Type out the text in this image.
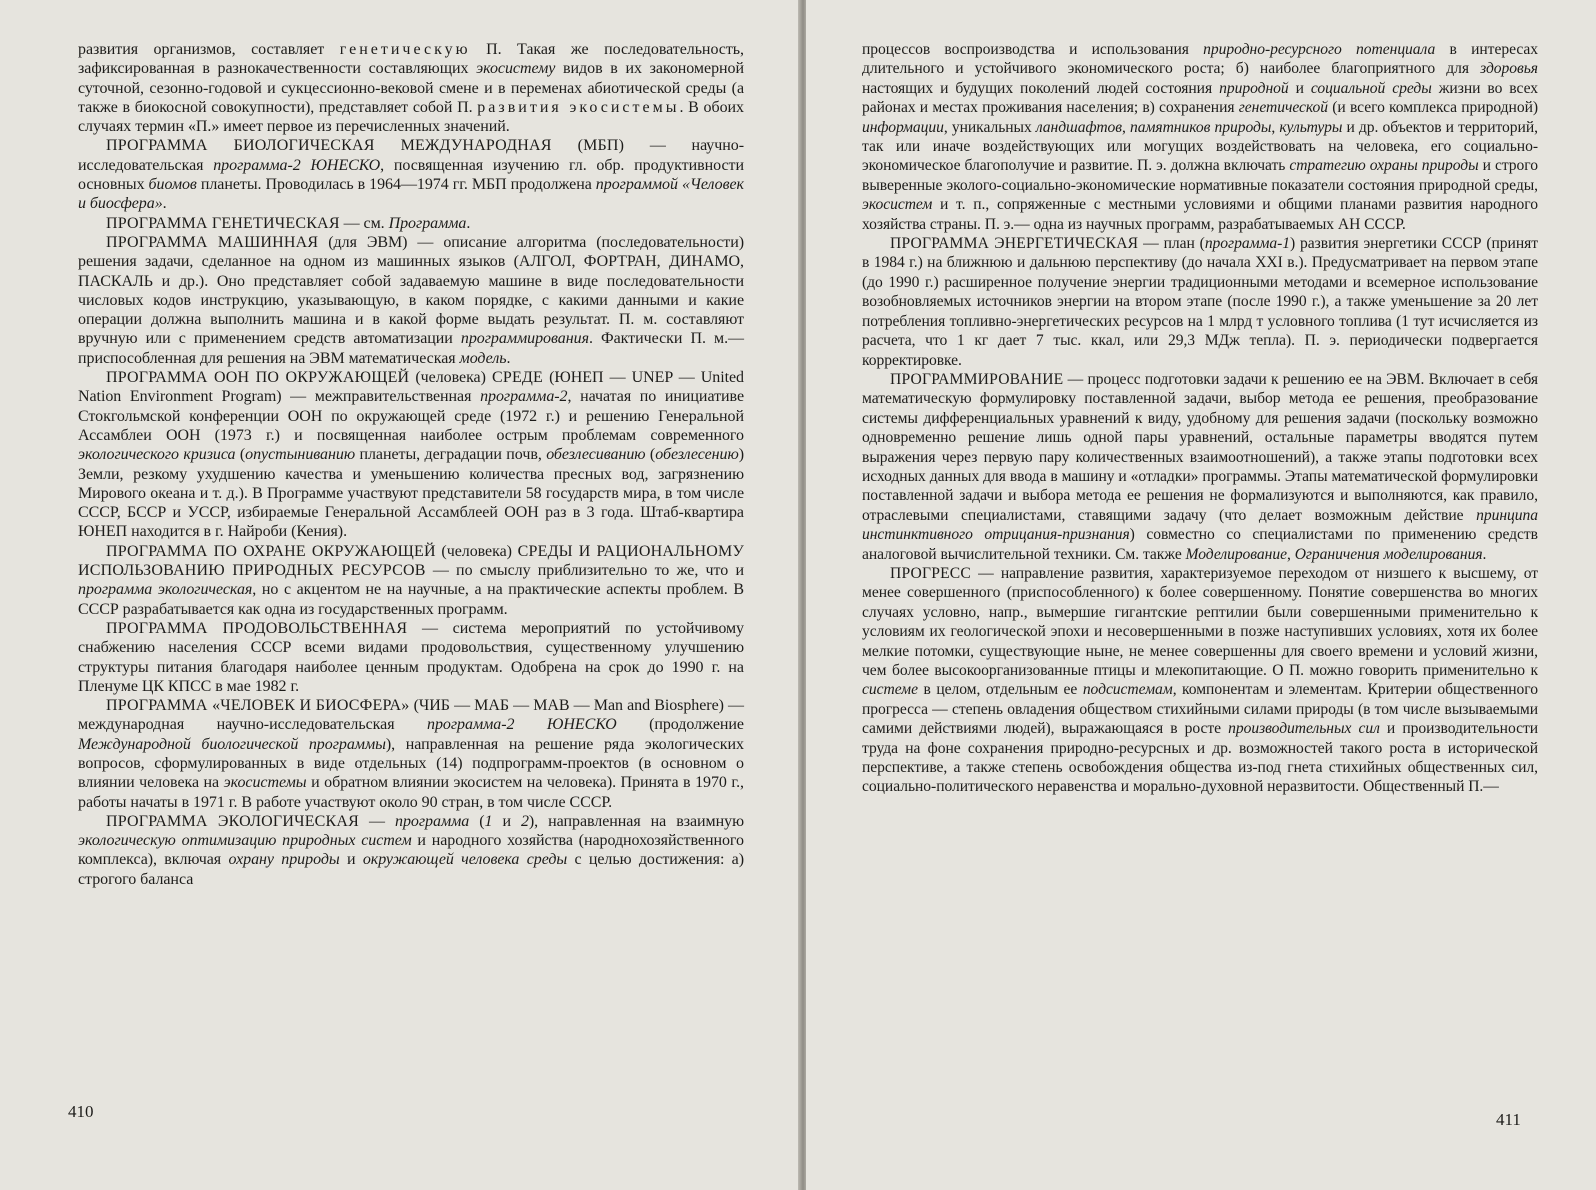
развития организмов, составляет генетическую П. Такая же последовательность, зафиксированная в разнокачественности составляющих экосистему видов в их закономерной суточной, сезонно-годовой и сукцессионно-вековой смене и в переменах абиотической среды (а также в биокосной совокупности), представляет собой П. развития экосистемы. В обоих случаях термин «П.» имеет первое из перечисленных значений.

ПРОГРАММА БИОЛОГИЧЕСКАЯ МЕЖДУНАРОДНАЯ (МБП) — научно-исследовательская программа-2 ЮНЕСКО, посвященная изучению гл. обр. продуктивности основных биомов планеты. Проводилась в 1964—1974 гг. МБП продолжена программой «Человек и биосфера».

ПРОГРАММА ГЕНЕТИЧЕСКАЯ — см. Программа.

ПРОГРАММА МАШИННАЯ (для ЭВМ) — описание алгоритма (последовательности) решения задачи, сделанное на одном из машинных языков (АЛГОЛ, ФОРТРАН, ДИНАМО, ПАСКАЛЬ и др.). Оно представляет собой задаваемую машине в виде последовательности числовых кодов инструкцию, указывающую, в каком порядке, с какими данными и какие операции должна выполнить машина и в какой форме выдать результат. П. м. составляют вручную или с применением средств автоматизации программирования. Фактически П. м.— приспособленная для решения на ЭВМ математическая модель.

ПРОГРАММА ООН ПО ОКРУЖАЮЩЕЙ (человека) СРЕДЕ (ЮНЕП — UNEP — United Nation Environment Program) — межправительственная программа-2, начатая по инициативе Стокгольмской конференции ООН по окружающей среде (1972 г.) и решению Генеральной Ассамблеи ООН (1973 г.) и посвященная наиболее острым проблемам современного экологического кризиса (опустыниванию планеты, деградации почв, обезлесиванию (обезлесению) Земли, резкому ухудшению качества и уменьшению количества пресных вод, загрязнению Мирового океана и т. д.). В Программе участвуют представители 58 государств мира, в том числе СССР, БССР и УССР, избираемые Генеральной Ассамблеей ООН раз в 3 года. Штаб-квартира ЮНЕП находится в г. Найроби (Кения).

ПРОГРАММА ПО ОХРАНЕ ОКРУЖАЮЩЕЙ (человека) СРЕДЫ И РАЦИОНАЛЬНОМУ ИСПОЛЬЗОВАНИЮ ПРИРОДНЫХ РЕСУРСОВ — по смыслу приблизительно то же, что и программа экологическая, но с акцентом не на научные, а на практические аспекты проблем. В СССР разрабатывается как одна из государственных программ.

ПРОГРАММА ПРОДОВОЛЬСТВЕННАЯ — система мероприятий по устойчивому снабжению населения СССР всеми видами продовольствия, существенному улучшению структуры питания благодаря наиболее ценным продуктам. Одобрена на срок до 1990 г. на Пленуме ЦК КПСС в мае 1982 г.

ПРОГРАММА «ЧЕЛОВЕК И БИОСФЕРА» (ЧИБ — МАБ — MAB — Man and Biosphere) — международная научно-исследовательская программа-2 ЮНЕСКО (продолжение Международной биологической программы), направленная на решение ряда экологических вопросов, сформулированных в виде отдельных (14) подпрограмм-проектов (в основном о влиянии человека на экосистемы и обратном влиянии экосистем на человека). Принята в 1970 г., работы начаты в 1971 г. В работе участвуют около 90 стран, в том числе СССР.

ПРОГРАММА ЭКОЛОГИЧЕСКАЯ — программа (1 и 2), направленная на взаимную экологическую оптимизацию природных систем и народного хозяйства (народнохозяйственного комплекса), включая охрану природы и окружающей человека среды с целью достижения: а) строгого баланса

410

процессов воспроизводства и использования природно-ресурсного потенциала в интересах длительного и устойчивого экономического роста; б) наиболее благоприятного для здоровья настоящих и будущих поколений людей состояния природной и социальной среды жизни во всех районах и местах проживания населения; в) сохранения генетической (и всего комплекса природной) информации, уникальных ландшафтов, памятников природы, культуры и др. объектов и территорий, так или иначе воздействующих или могущих воздействовать на человека, его социально-экономическое благополучие и развитие. П. э. должна включать стратегию охраны природы и строго выверенные эколого-социально-экономические нормативные показатели состояния природной среды, экосистем и т. п., сопряженные с местными условиями и общими планами развития народного хозяйства страны. П. э.— одна из научных программ, разрабатываемых АН СССР.

ПРОГРАММА ЭНЕРГЕТИЧЕСКАЯ — план (программа-1) развития энергетики СССР (принят в 1984 г.) на ближнюю и дальнюю перспективу (до начала XXI в.). Предусматривает на первом этапе (до 1990 г.) расширенное получение энергии традиционными методами и всемерное использование возобновляемых источников энергии на втором этапе (после 1990 г.), а также уменьшение за 20 лет потребления топливно-энергетических ресурсов на 1 млрд т условного топлива (1 тут исчисляется из расчета, что 1 кг дает 7 тыс. ккал, или 29,3 МДж тепла). П. э. периодически подвергается корректировке.

ПРОГРАММИРОВАНИЕ — процесс подготовки задачи к решению ее на ЭВМ. Включает в себя математическую формулировку поставленной задачи, выбор метода ее решения, преобразование системы дифференциальных уравнений к виду, удобному для решения задачи (поскольку возможно одновременно решение лишь одной пары уравнений, остальные параметры вводятся путем выражения через первую пару количественных взаимоотношений), а также этапы подготовки всех исходных данных для ввода в машину и «отладки» программы. Этапы математической формулировки поставленной задачи и выбора метода ее решения не формализуются и выполняются, как правило, отраслевыми специалистами, ставящими задачу (что делает возможным действие принципа инстинктивного отрицания-признания) совместно со специалистами по применению средств аналоговой вычислительной техники. См. также Моделирование, Ограничения моделирования.

ПРОГРЕСС — направление развития, характеризуемое переходом от низшего к высшему, от менее совершенного (приспособленного) к более совершенному. Понятие совершенства во многих случаях условно, напр., вымершие гигантские рептилии были совершенными применительно к условиям их геологической эпохи и несовершенными в позже наступивших условиях, хотя их более мелкие потомки, существующие ныне, не менее совершенны для своего времени и условий жизни, чем более высокоорганизованные птицы и млекопитающие. О П. можно говорить применительно к системе в целом, отдельным ее подсистемам, компонентам и элементам. Критерии общественного прогресса — степень овладения обществом стихийными силами природы (в том числе вызываемыми самими действиями людей), выражающаяся в росте производительных сил и производительности труда на фоне сохранения природно-ресурсных и др. возможностей такого роста в исторической перспективе, а также степень освобождения общества из-под гнета стихийных общественных сил, социально-политического неравенства и морально-духовной неразвитости. Общественный П.—

411
